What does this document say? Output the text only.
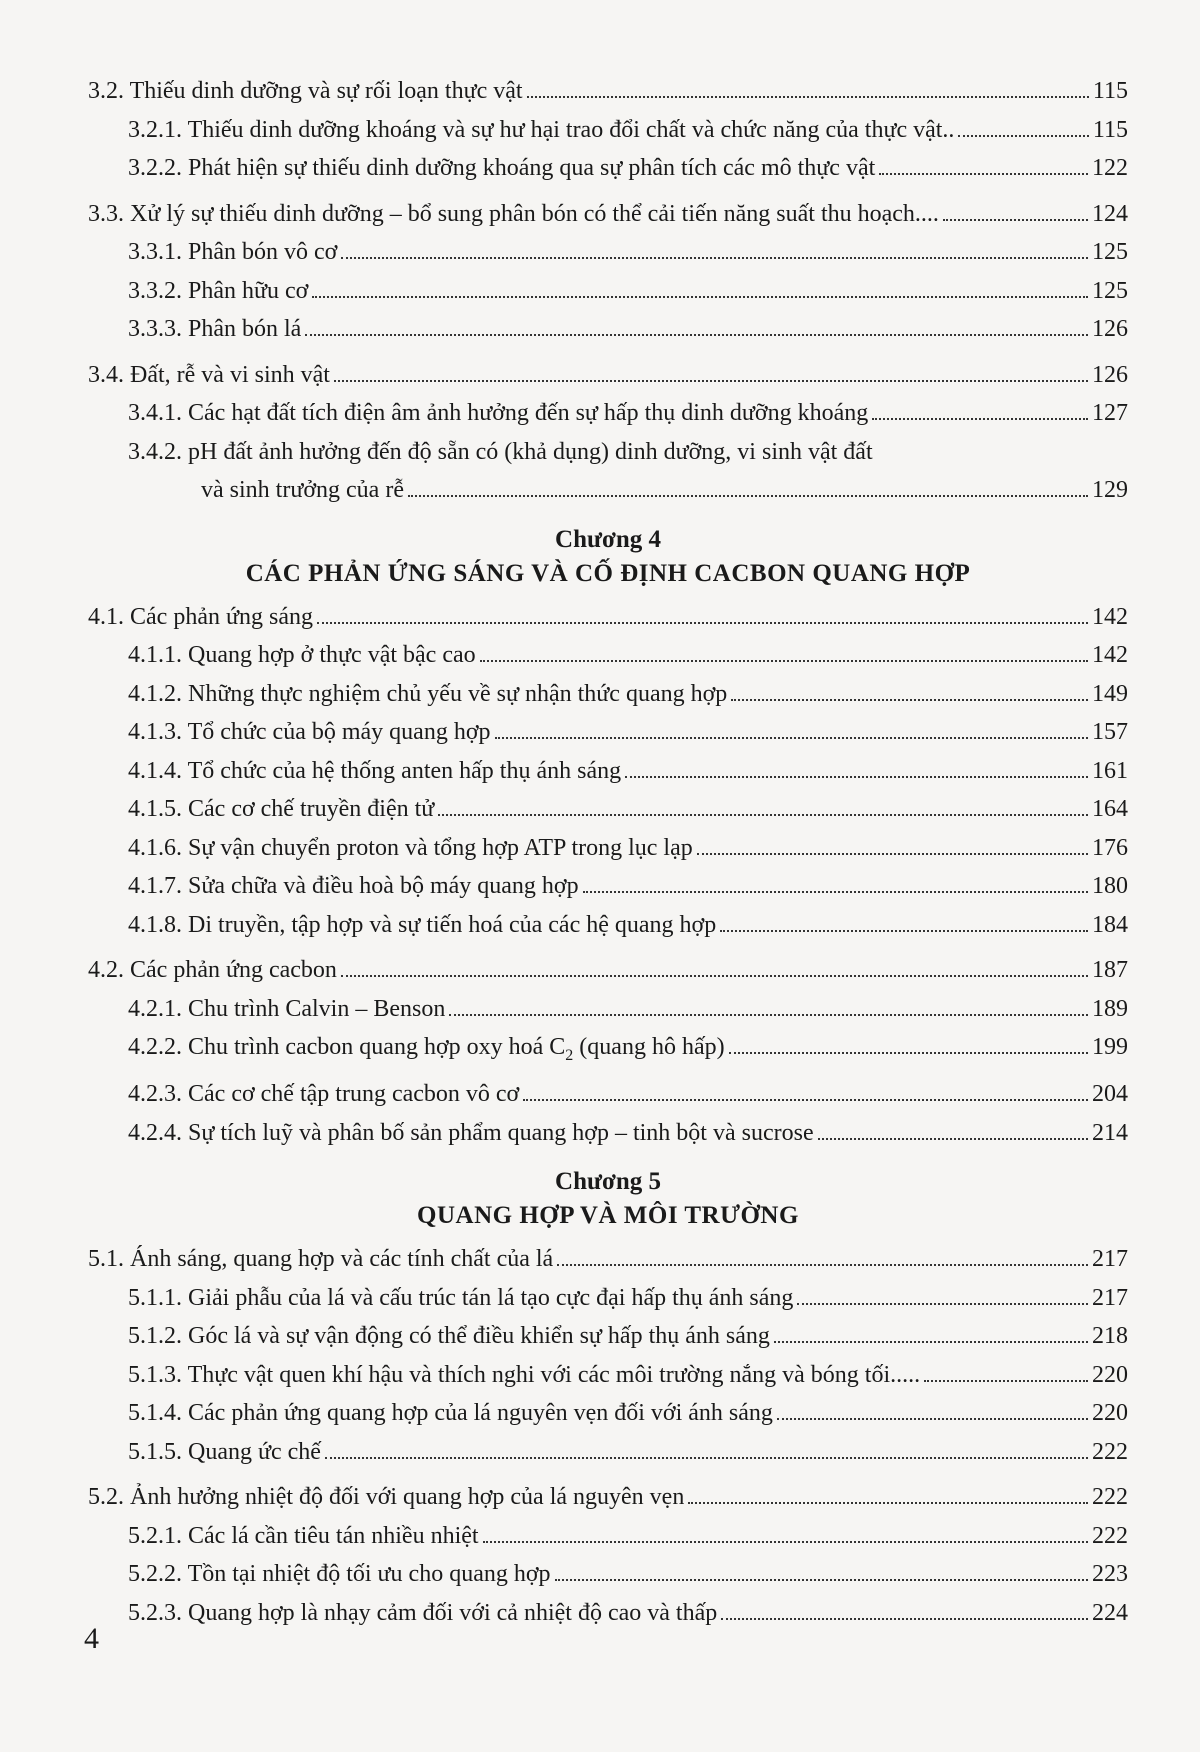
3.2. Thiếu dinh dưỡng và sự rối loạn thực vật	115
3.2.1. Thiếu dinh dưỡng khoáng và sự hư hại trao đổi chất và chức năng của thực vật..	115
3.2.2. Phát hiện sự thiếu dinh dưỡng khoáng qua sự phân tích các mô thực vật	122
3.3. Xử lý sự thiếu dinh dưỡng – bổ sung phân bón có thể cải tiến năng suất thu hoạch....	124
3.3.1. Phân bón vô cơ	125
3.3.2. Phân hữu cơ	125
3.3.3. Phân bón lá	126
3.4. Đất, rễ và vi sinh vật	126
3.4.1. Các hạt đất tích điện âm ảnh hưởng đến sự hấp thụ dinh dưỡng khoáng	127
3.4.2. pH đất ảnh hưởng đến độ sẵn có (khả dụng) dinh dưỡng, vi sinh vật đất
và sinh trưởng của rễ	129
Chương 4
CÁC PHẢN ỨNG SÁNG VÀ CỐ ĐỊNH CACBON QUANG HỢP
4.1. Các phản ứng sáng	142
4.1.1. Quang hợp ở thực vật bậc cao	142
4.1.2. Những thực nghiệm chủ yếu về sự nhận thức quang hợp	149
4.1.3. Tổ chức của bộ máy quang hợp	157
4.1.4. Tổ chức của hệ thống anten hấp thụ ánh sáng	161
4.1.5. Các cơ chế truyền điện tử	164
4.1.6. Sự vận chuyển proton và tổng hợp ATP trong lục lạp	176
4.1.7. Sửa chữa và điều hoà bộ máy quang hợp	180
4.1.8. Di truyền, tập hợp và sự tiến hoá của các hệ quang hợp	184
4.2. Các phản ứng cacbon	187
4.2.1. Chu trình Calvin – Benson	189
4.2.2. Chu trình cacbon quang hợp oxy hoá $C_2$ (quang hô hấp)	199
4.2.3. Các cơ chế tập trung cacbon vô cơ	204
4.2.4. Sự tích luỹ và phân bố sản phẩm quang hợp – tinh bột và sucrose	214
Chương 5
QUANG HỢP VÀ MÔI TRƯỜNG
5.1. Ánh sáng, quang hợp và các tính chất của lá	217
5.1.1. Giải phẫu của lá và cấu trúc tán lá tạo cực đại hấp thụ ánh sáng	217
5.1.2. Góc lá và sự vận động có thể điều khiển sự hấp thụ ánh sáng	218
5.1.3. Thực vật quen khí hậu và thích nghi với các môi trường nắng và bóng tối.....	220
5.1.4. Các phản ứng quang hợp của lá nguyên vẹn đối với ánh sáng	220
5.1.5. Quang ức chế	222
5.2. Ảnh hưởng nhiệt độ đối với quang hợp của lá nguyên vẹn	222
5.2.1. Các lá cần tiêu tán nhiều nhiệt	222
5.2.2. Tồn tại nhiệt độ tối ưu cho quang hợp	223
5.2.3. Quang hợp là nhạy cảm đối với cả nhiệt độ cao và thấp	224
4
